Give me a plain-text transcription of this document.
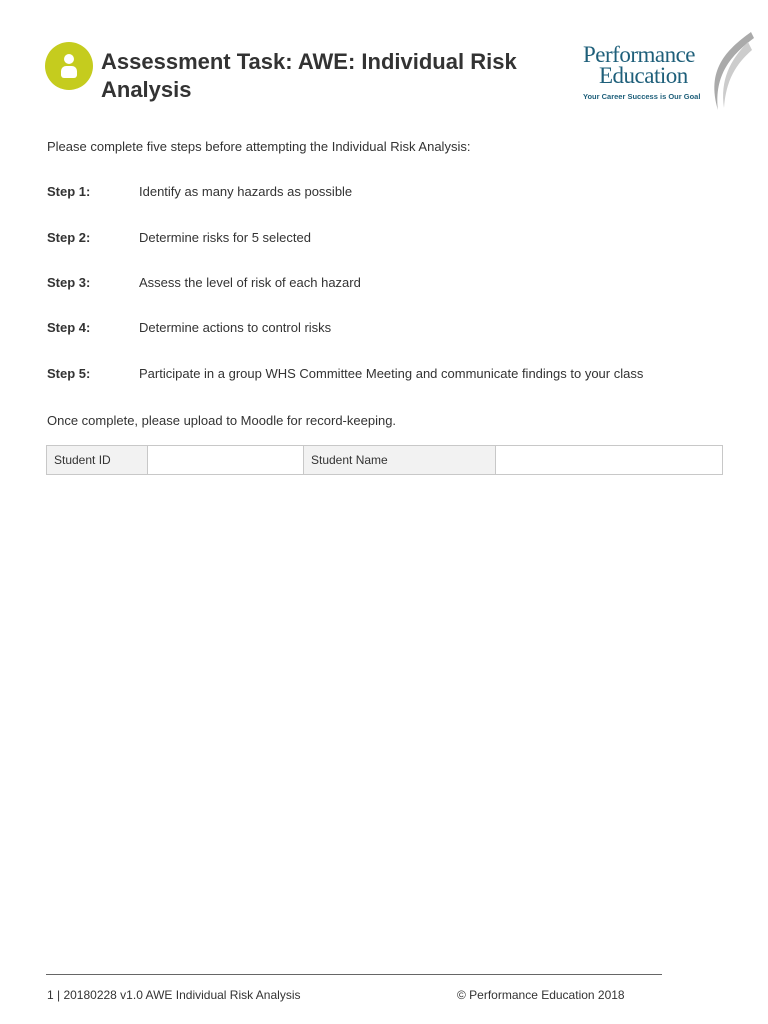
Assessment Task: AWE: Individual Risk Analysis
Performance
Education
Your Career Success is Our Goal
Please complete five steps before attempting the Individual Risk Analysis:
Step 1:	Identify as many hazards as possible
Step 2:	Determine risks for 5 selected
Step 3:	Assess the level of risk of each hazard
Step 4:	Determine actions to control risks
Step 5:	Participate in a group WHS Committee Meeting and communicate findings to your class
Once complete, please upload to Moodle for record-keeping.
Student ID		Student Name	
1 | 20180228 v1.0 AWE Individual Risk Analysis	© Performance Education 2018
